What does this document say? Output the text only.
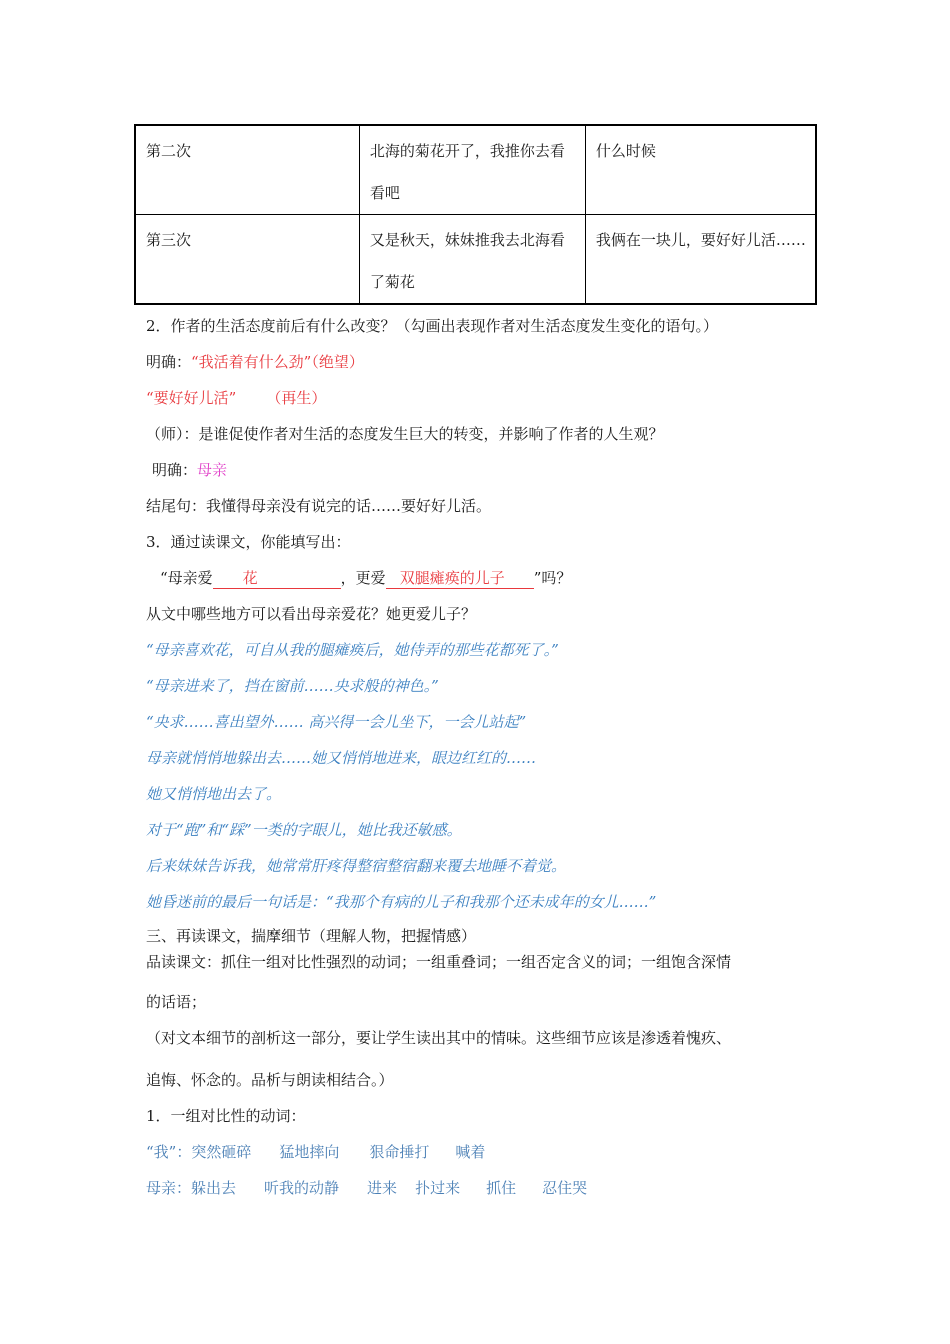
第二次	北海的菊花开了，我推你去看看吧	什么时候
第三次	又是秋天，妹妹推我去北海看了菊花	我俩在一块儿，要好好儿活……
2．作者的生活态度前后有什么改变？（勾画出表现作者对生活态度发生变化的语句。）
明确：“我活着有什么劲”（绝望）
“要好好儿活” （再生）
（师）：是谁促使作者对生活的态度发生巨大的转变，并影响了作者的人生观？
明确：母亲
结尾句：我懂得母亲没有说完的话……要好好儿活。
3．通过读课文，你能填写出：
“母亲爱 花	，更爱 双腿瘫痪的儿子 ”吗？
从文中哪些地方可以看出母亲爱花？她更爱儿子？
“母亲喜欢花，可自从我的腿瘫痪后，她侍弄的那些花都死了。”
“母亲进来了，挡在窗前……央求般的神色。”
“央求……喜出望外…… 高兴得一会儿坐下，一会儿站起”
母亲就悄悄地躲出去……她又悄悄地进来，眼边红红的……
她又悄悄地出去了。
对于“跑”和“踩”一类的字眼儿，她比我还敏感。
后来妹妹告诉我，她常常肝疼得整宿整宿翻来覆去地睡不着觉。
她昏迷前的最后一句话是：“我那个有病的儿子和我那个还未成年的女儿……”
三、再读课文，揣摩细节（理解人物，把握情感）
品读课文：抓住一组对比性强烈的动词；一组重叠词；一组否定含义的词；一组饱含深情
的话语；
（对文本细节的剖析这一部分，要让学生读出其中的情味。这些细节应该是渗透着愧疚、
追悔、怀念的。品析与朗读相结合。）
1．一组对比性的动词：
“我”：突然砸碎 猛地摔向 狠命捶打 喊着
母亲：躲出去 听我的动静 进来 扑过来 抓住 忍住哭
